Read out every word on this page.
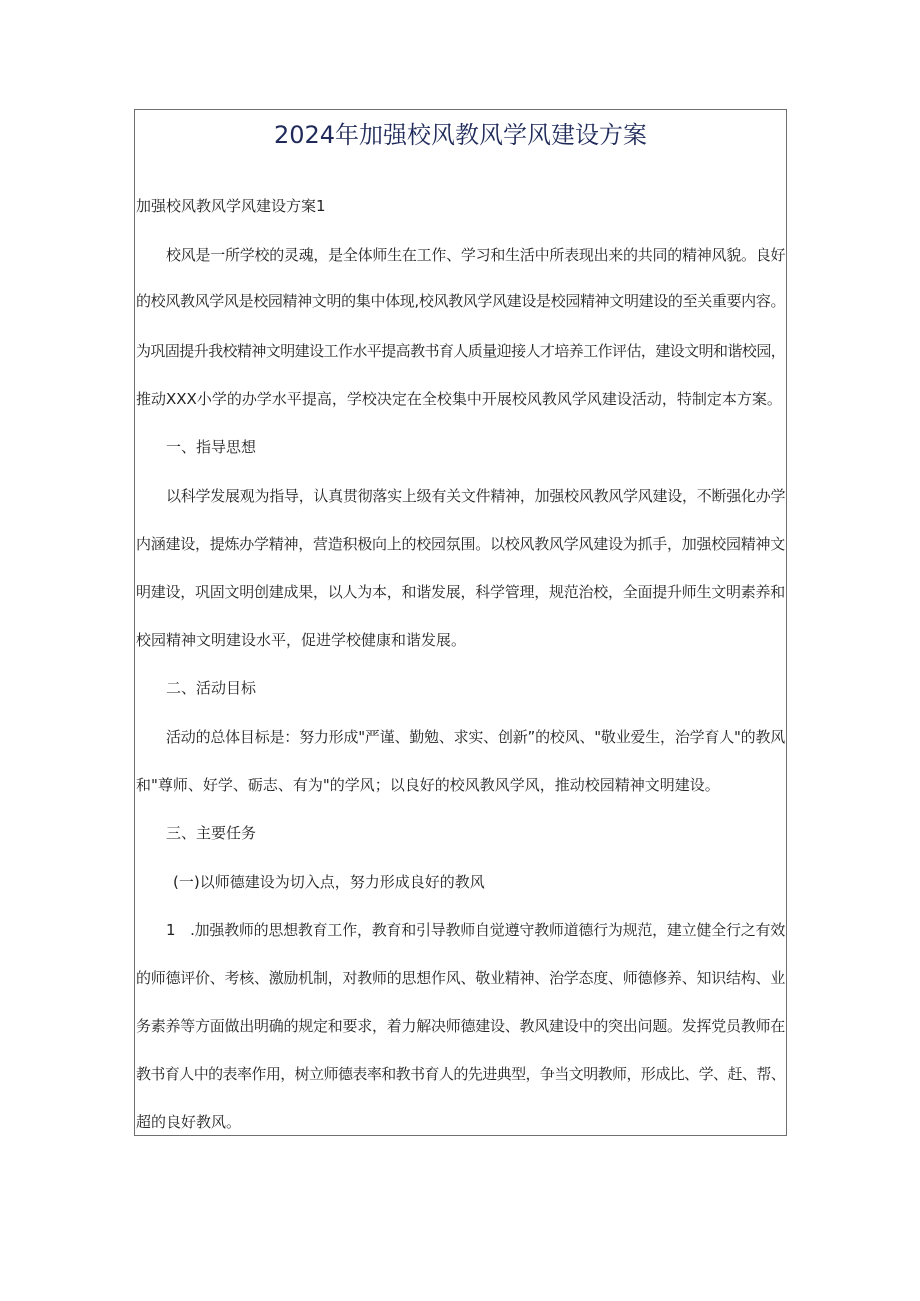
2024年加强校风教风学风建设方案
加强校风教风学风建设方案1
校风是一所学校的灵魂，是全体师生在工作、学习和生活中所表现出来的共同的精神风貌。良好
的校风教风学风是校园精神文明的集中体现,校风教风学风建设是校园精神文明建设的至关重要内容。
为巩固提升我校精神文明建设工作水平提高教书育人质量迎接人才培养工作评估，建设文明和谐校园，
推动XXX小学的办学水平提高，学校决定在全校集中开展校风教风学风建设活动，特制定本方案。
一、指导思想
以科学发展观为指导，认真贯彻落实上级有关文件精神，加强校风教风学风建设，不断强化办学
内涵建设，提炼办学精神，营造积极向上的校园氛围。以校风教风学风建设为抓手，加强校园精神文
明建设，巩固文明创建成果，以人为本，和谐发展，科学管理，规范治校，全面提升师生文明素养和
校园精神文明建设水平，促进学校健康和谐发展。
二、活动目标
活动的总体目标是：努力形成"严谨、勤勉、求实、创新”的校风、"敬业爱生，治学育人"的教风
和"尊师、好学、砺志、有为"的学风；以良好的校风教风学风，推动校园精神文明建设。
三、主要任务
(一)以师德建设为切入点，努力形成良好的教风
1　.加强教师的思想教育工作，教育和引导教师自觉遵守教师道德行为规范，建立健全行之有效
的师德评价、考核、激励机制，对教师的思想作风、敬业精神、治学态度、师德修养、知识结构、业
务素养等方面做出明确的规定和要求，着力解决师德建设、教风建设中的突出问题。发挥党员教师在
教书育人中的表率作用，树立师德表率和教书育人的先进典型，争当文明教师，形成比、学、赶、帮、
超的良好教风。
